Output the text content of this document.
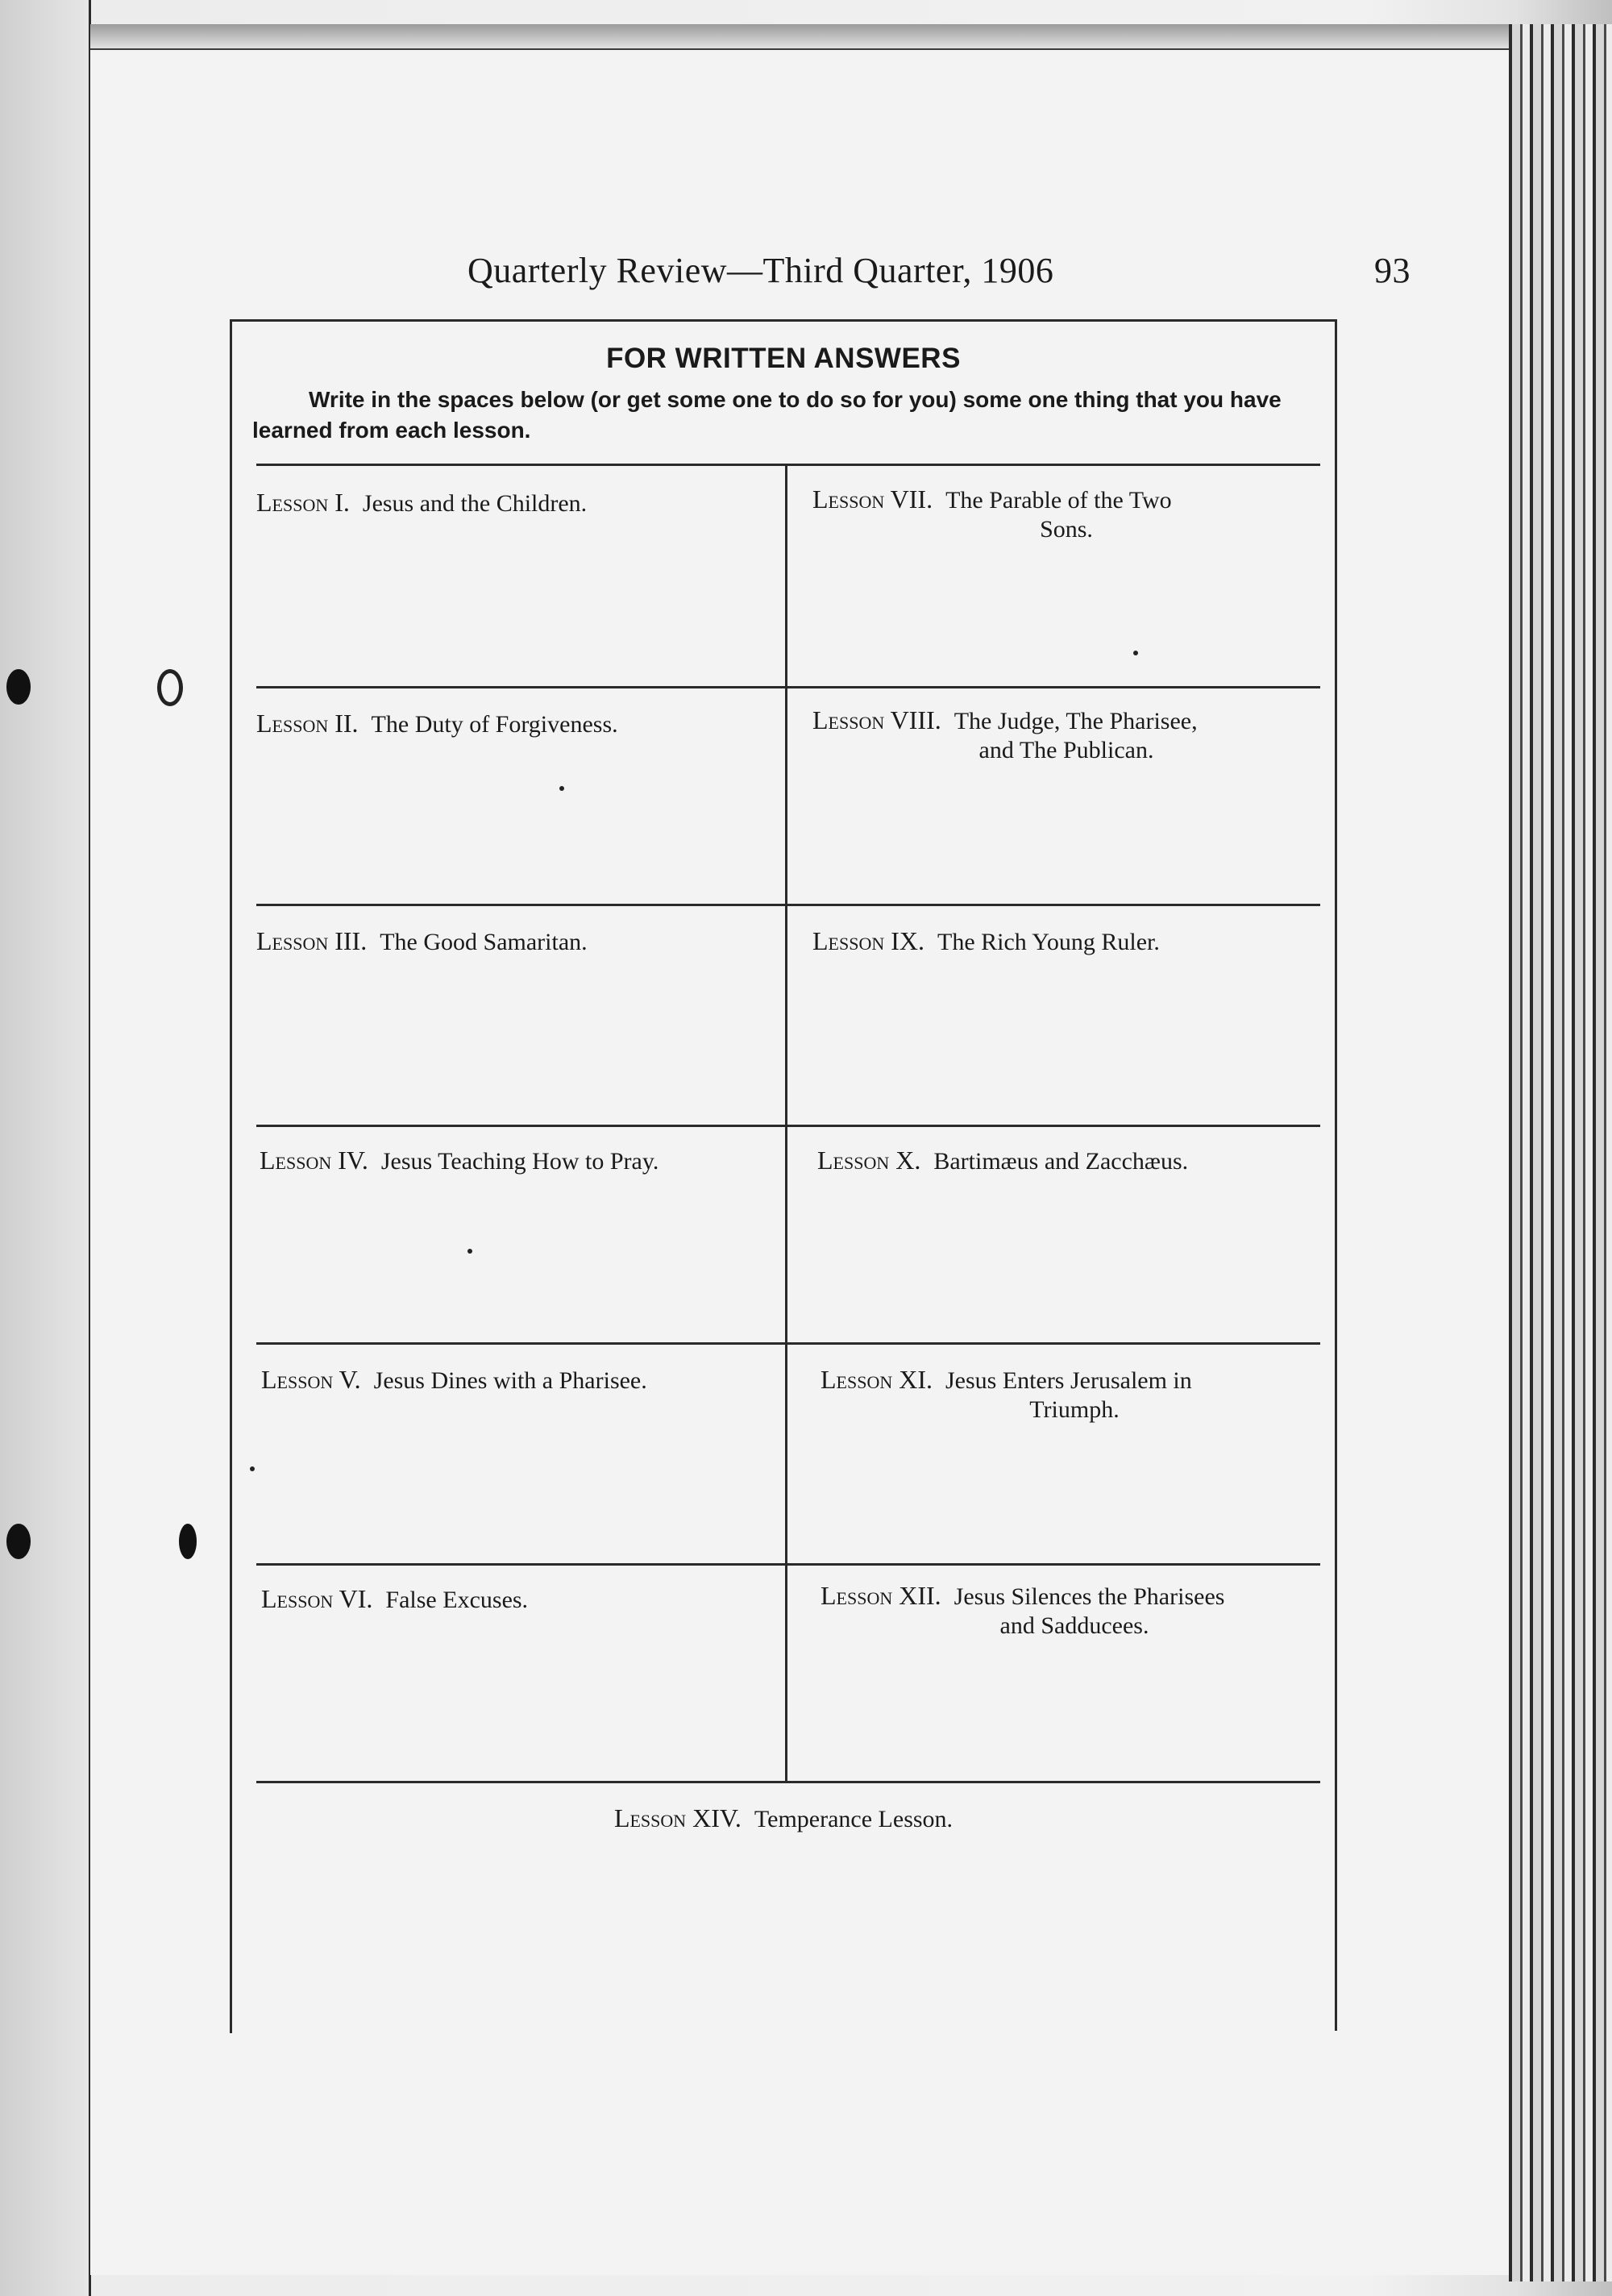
Quarterly Review—Third Quarter, 1906	93
FOR WRITTEN ANSWERS
Write in the spaces below (or get some one to do so for you) some one thing that you have learned from each lesson.
Lesson I. Jesus and the Children.
Lesson II. The Duty of Forgiveness.
Lesson III. The Good Samaritan.
Lesson IV. Jesus Teaching How to Pray.
Lesson V. Jesus Dines with a Pharisee.
Lesson VI. False Excuses.
Lesson VII. The Parable of the Two
Sons.
Lesson VIII. The Judge, The Pharisee,
and The Publican.
Lesson IX. The Rich Young Ruler.
Lesson X. Bartimæus and Zacchæus.
Lesson XI. Jesus Enters Jerusalem in
Triumph.
Lesson XII. Jesus Silences the Pharisees
and Sadducees.
Lesson XIV. Temperance Lesson.
